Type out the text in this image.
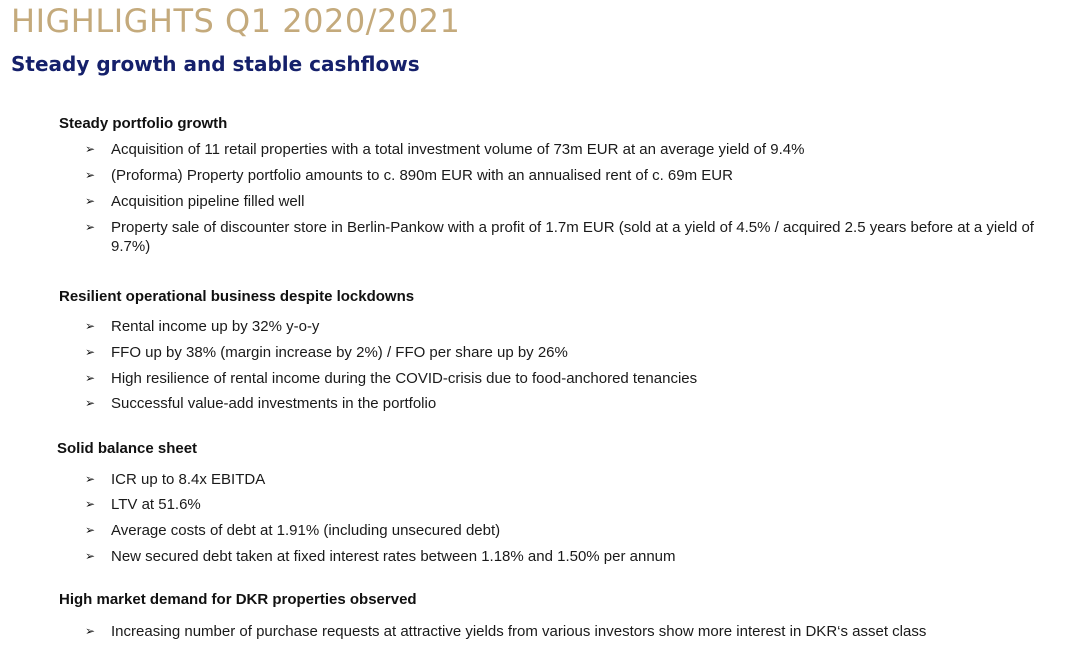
HIGHLIGHTS Q1 2020/2021
Steady growth and stable cashflows
Steady portfolio growth
➢	Acquisition of 11 retail properties with a total investment volume of 73m EUR at an average yield of 9.4%
➢	(Proforma) Property portfolio amounts to c. 890m EUR with an annualised rent of c. 69m EUR
➢	Acquisition pipeline filled well
➢	Property sale of discounter store in Berlin-Pankow with a profit of 1.7m EUR (sold at a yield of 4.5% / acquired 2.5 years before at a yield of 9.7%)
Resilient operational business despite lockdowns
➢	Rental income up by 32% y-o-y
➢	FFO up by 38% (margin increase by 2%) / FFO per share up by 26%
➢	High resilience of rental income during the COVID-crisis due to food-anchored tenancies
➢	Successful value-add investments in the portfolio
Solid balance sheet
➢	ICR up to 8.4x EBITDA
➢	LTV at 51.6%
➢	Average costs of debt at 1.91% (including unsecured debt)
➢	New secured debt taken at fixed interest rates between 1.18% and 1.50% per annum
High market demand for DKR properties observed
➢	Increasing number of purchase requests at attractive yields from various investors show more interest in DKR‘s asset class
